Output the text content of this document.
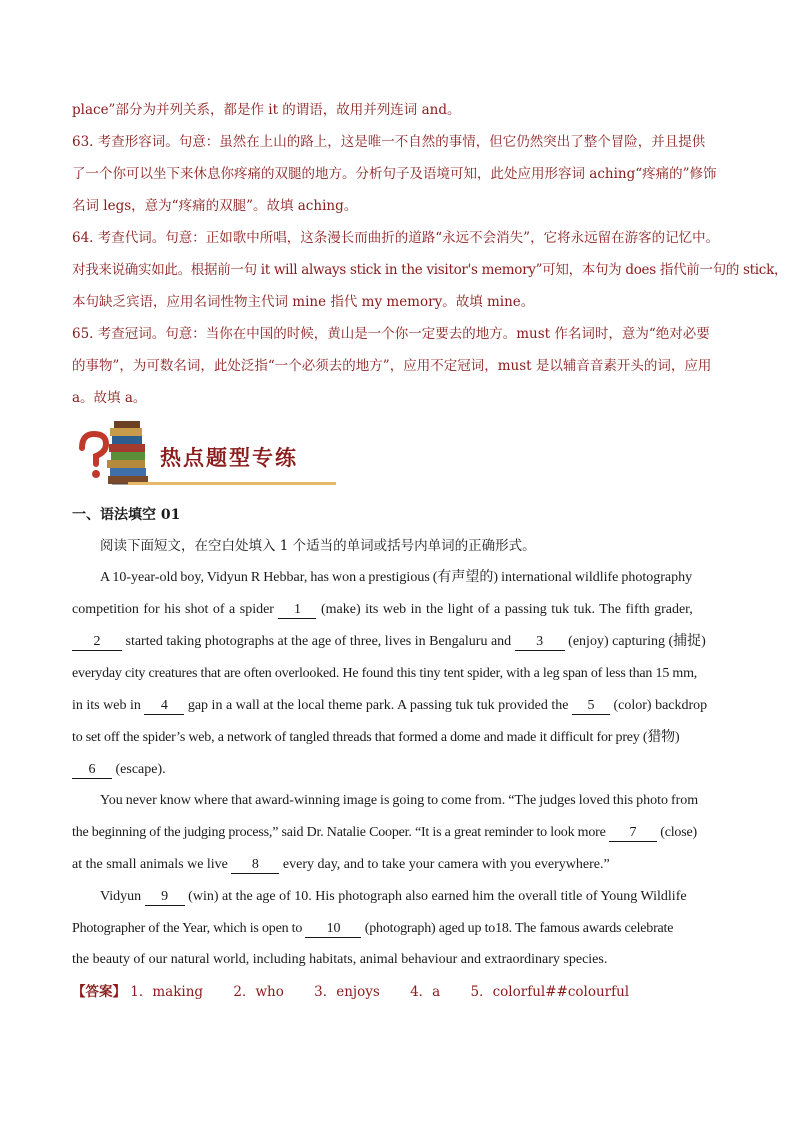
place”部分为并列关系，都是作 it 的谓语，故用并列连词 and。
63. 考查形容词。句意：虽然在上山的路上，这是唯一不自然的事情，但它仍然突出了整个冒险，并且提供
了一个你可以坐下来休息你疼痛的双腿的地方。分析句子及语境可知，此处应用形容词 aching“疼痛的”修饰
名词 legs，意为“疼痛的双腿”。故填 aching。
64. 考查代词。句意：正如歌中所唱，这条漫长而曲折的道路“永远不会消失”，它将永远留在游客的记忆中。
对我来说确实如此。根据前一句 it will always stick in the visitor's memory”可知，本句为 does 指代前一句的 stick，
本句缺乏宾语，应用名词性物主代词 mine 指代 my memory。故填 mine。
65. 考查冠词。句意：当你在中国的时候，黄山是一个你一定要去的地方。must 作名词时，意为“绝对必要
的事物”，为可数名词，此处泛指“一个必须去的地方”，应用不定冠词，must 是以辅音音素开头的词，应用
a。故填 a。
热点题型专练
一、语法填空 01
阅读下面短文，在空白处填入 1 个适当的单词或括号内单词的正确形式。
A 10-year-old boy, Vidyun R Hebbar, has won a prestigious (有声望的) international wildlife photography
competition for his shot of a spider 1 (make) its web in the light of a passing tuk tuk. The fifth grader,
2 started taking photographs at the age of three, lives in Bengaluru and 3 (enjoy) capturing (捕捉)
everyday city creatures that are often overlooked. He found this tiny tent spider, with a leg span of less than 15 mm,
in its web in 4 gap in a wall at the local theme park. A passing tuk tuk provided the 5 (color) backdrop
to set off the spider’s web, a network of tangled threads that formed a dome and made it difficult for prey (猎物)
6 (escape).
You never know where that award-winning image is going to come from. “The judges loved this photo from
the beginning of the judging process,” said Dr. Natalie Cooper. “It is a great reminder to look more 7 (close)
at the small animals we live 8 every day, and to take your camera with you everywhere.”
Vidyun 9 (win) at the age of 10. His photograph also earned him the overall title of Young Wildlife
Photographer of the Year, which is open to 10 (photograph) aged up to18. The famous awards celebrate
the beauty of our natural world, including habitats, animal behaviour and extraordinary species.
【答案】 1．making 2．who 3．enjoys 4．a 5．colorful##colourful
